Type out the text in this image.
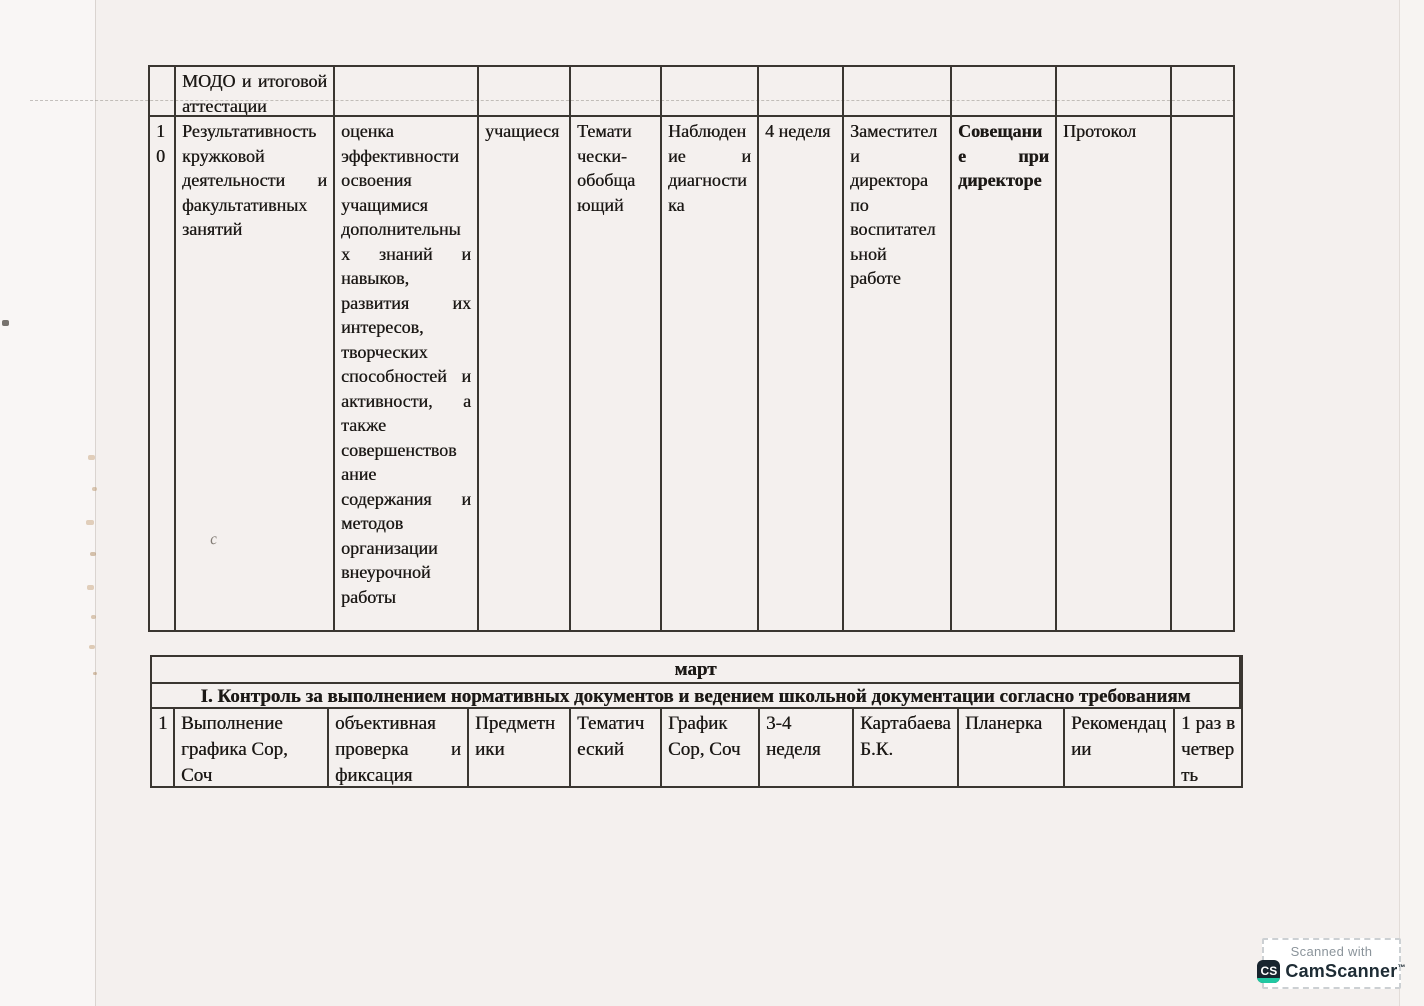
c
МОДО и итоговой
аттестации
1
0
Результативность
кружковой
деятельности и
факультативных
занятий
оценка
эффективности
освоения
учащимися
дополнительны
х знаний и
навыков,
развития их
интересов,
творческих
способностей и
активности, а
также
совершенствов
ание
содержания и
методов
организации
внеурочной
работы
учащиеся Темати
чески-
обобща
ющий
Наблюден
ие и
диагности
ка
4 неделя	Заместител
и
директора
по
воспитател
ьной
работе
Совещани
е при
директоре
Протокол
март
I. Контроль за выполнением нормативных документов и ведением школьной документации согласно требованиям
1 Выполнение
графика Сор, Соч
объективная
проверка и
фиксация
Предметн
ики
Тематич
еский
График
Сор, Соч
3-4
неделя
Картабаева
Б.К.
Планерка	Рекомендац
ии
1 раз в
четвер
ть
Scanned with
CS CamScanner™
